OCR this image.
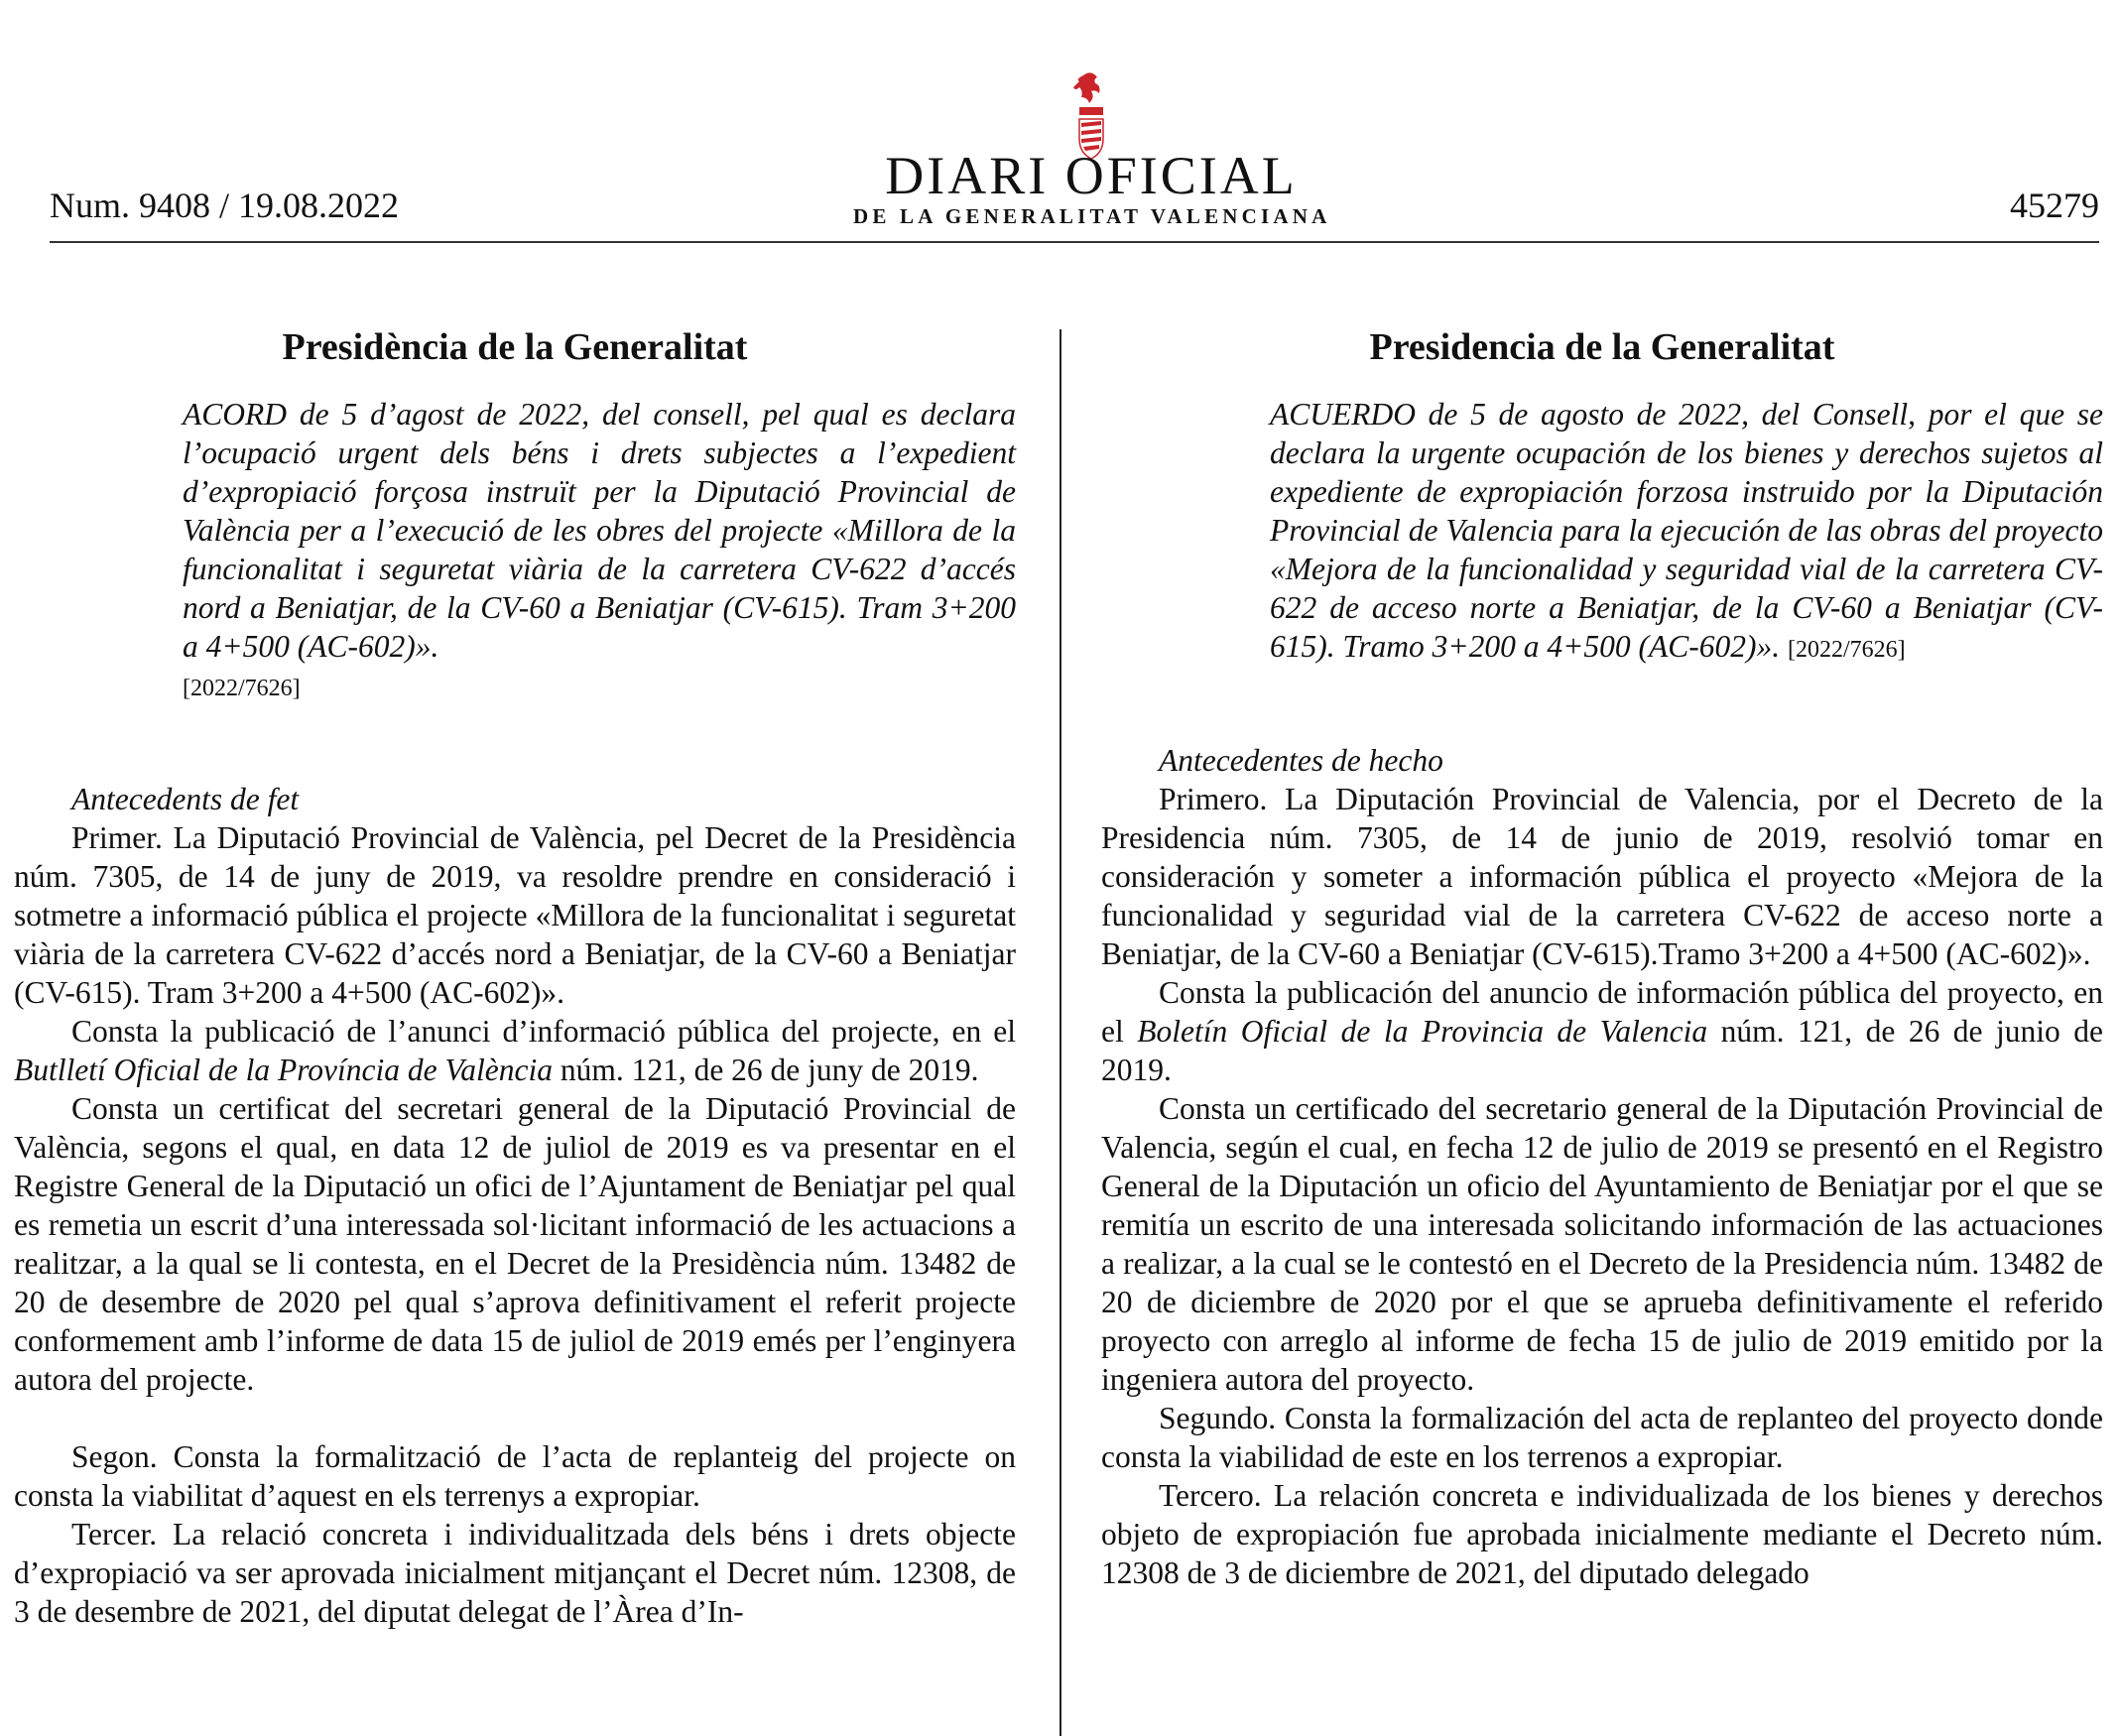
Num. 9408 / 19.08.2022	DIARI OFICIAL
DE LA GENERALITAT VALENCIANA	45279
Presidència de la Generalitat
ACORD de 5 d’agost de 2022, del consell, pel qual es declara l’ocupació urgent dels béns i drets subjectes a l’expedient d’expropiació forçosa instruït per la Diputació Provincial de València per a l’execució de les obres del projecte «Millora de la funcionalitat i seguretat viària de la carretera CV-622 d’accés nord a Beniatjar, de la CV-60 a Beniatjar (CV-615). Tram 3+200 a 4+500 (AC-602)».
[2022/7626]
Antecedents de fet

Primer. La Diputació Provincial de València, pel Decret de la Presidència núm. 7305, de 14 de juny de 2019, va resoldre prendre en consideració i sotmetre a informació pública el projecte «Millora de la funcionalitat i seguretat viària de la carretera CV-622 d’accés nord a Beniatjar, de la CV-60 a Beniatjar (CV-615). Tram 3+200 a 4+500 (AC-602)».

Consta la publicació de l’anunci d’informació pública del projecte, en el Butlletí Oficial de la Província de València núm. 121, de 26 de juny de 2019.

Consta un certificat del secretari general de la Diputació Provincial de València, segons el qual, en data 12 de juliol de 2019 es va presentar en el Registre General de la Diputació un ofici de l’Ajuntament de Beniatjar pel qual es remetia un escrit d’una interessada sol·licitant informació de les actuacions a realitzar, a la qual se li contesta, en el Decret de la Presidència núm. 13482 de 20 de desembre de 2020 pel qual s’aprova definitivament el referit projecte conformement amb l’informe de data 15 de juliol de 2019 emés per l’enginyera autora del projecte.

Segon. Consta la formalització de l’acta de replanteig del projecte on consta la viabilitat d’aquest en els terrenys a expropiar.

Tercer. La relació concreta i individualitzada dels béns i drets objecte d’expropiació va ser aprovada inicialment mitjançant el Decret núm. 12308, de 3 de desembre de 2021, del diputat delegat de l’Àrea d’In-

Presidencia de la Generalitat
ACUERDO de 5 de agosto de 2022, del Consell, por el que se declara la urgente ocupación de los bienes y derechos sujetos al expediente de expropiación forzosa instruido por la Diputación Provincial de Valencia para la ejecución de las obras del proyecto «Mejora de la funcionalidad y seguridad vial de la carretera CV-622 de acceso norte a Beniatjar, de la CV-60 a Beniatjar (CV-615). Tramo 3+200 a 4+500 (AC-602)». [2022/7626]
Antecedentes de hecho

Primero. La Diputación Provincial de Valencia, por el Decreto de la Presidencia núm. 7305, de 14 de junio de 2019, resolvió tomar en consideración y someter a información pública el proyecto «Mejora de la funcionalidad y seguridad vial de la carretera CV-622 de acceso norte a Beniatjar, de la CV-60 a Beniatjar (CV-615).Tramo 3+200 a 4+500 (AC-602)».

Consta la publicación del anuncio de información pública del proyecto, en el Boletín Oficial de la Provincia de Valencia núm. 121, de 26 de junio de 2019.

Consta un certificado del secretario general de la Diputación Provincial de Valencia, según el cual, en fecha 12 de julio de 2019 se presentó en el Registro General de la Diputación un oficio del Ayuntamiento de Beniatjar por el que se remitía un escrito de una interesada solicitando información de las actuaciones a realizar, a la cual se le contestó en el Decreto de la Presidencia núm. 13482 de 20 de diciembre de 2020 por el que se aprueba definitivamente el referido proyecto con arreglo al informe de fecha 15 de julio de 2019 emitido por la ingeniera autora del proyecto.

Segundo. Consta la formalización del acta de replanteo del proyecto donde consta la viabilidad de este en los terrenos a expropiar.

Tercero. La relación concreta e individualizada de los bienes y derechos objeto de expropiación fue aprobada inicialmente mediante el Decreto núm. 12308 de 3 de diciembre de 2021, del diputado delegado
